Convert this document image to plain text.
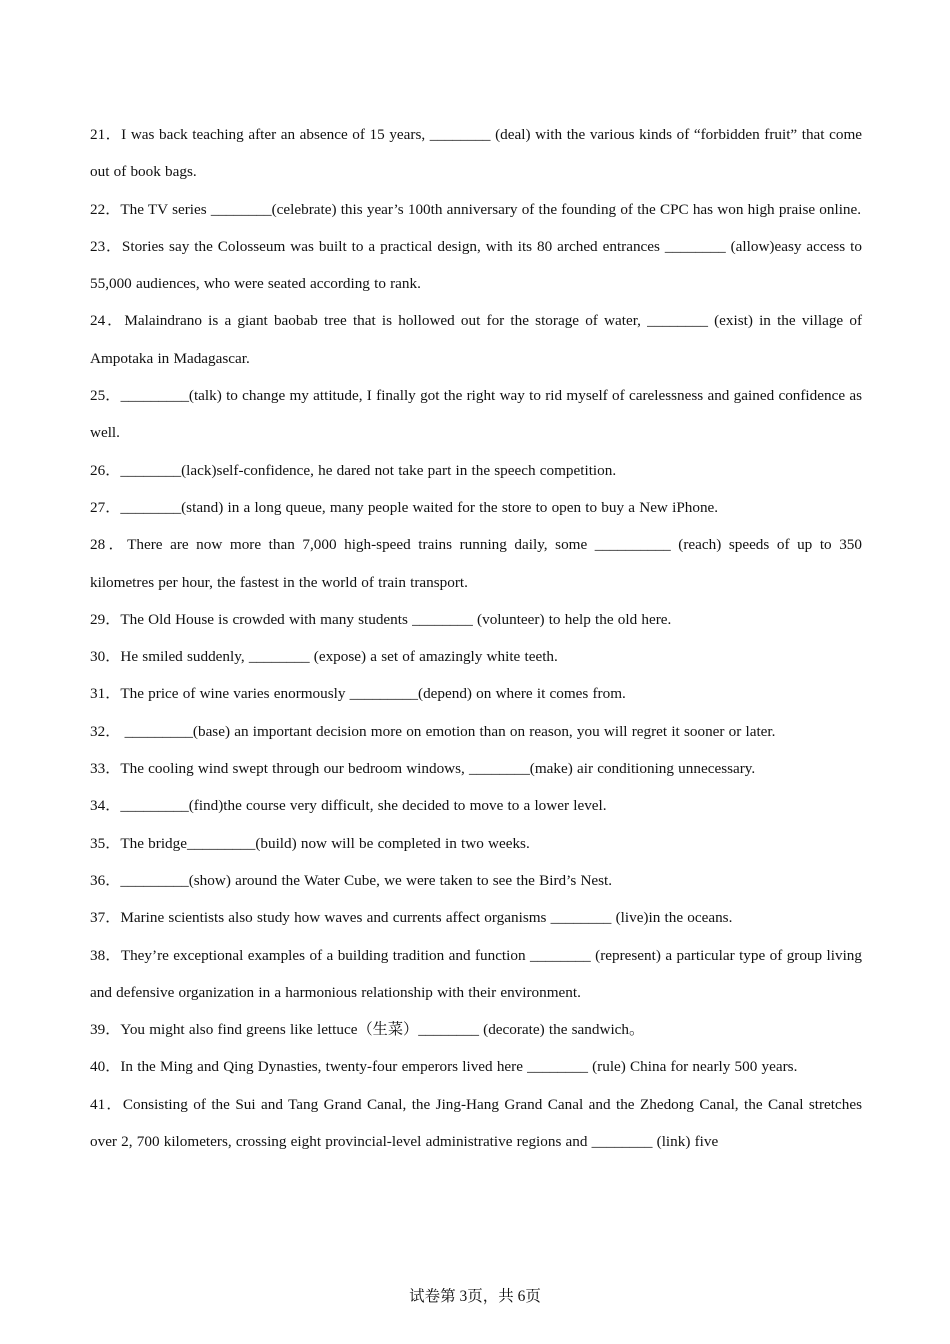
21．I was back teaching after an absence of 15 years, ________ (deal) with the various kinds of “forbidden fruit” that come out of book bags.
22．The TV series ________(celebrate) this year’s 100th anniversary of the founding of the CPC has won high praise online.
23．Stories say the Colosseum was built to a practical design, with its 80 arched entrances ________ (allow)easy access to 55,000 audiences, who were seated according to rank.
24．Malaindrano is a giant baobab tree that is hollowed out for the storage of water, ________ (exist) in the village of Ampotaka in Madagascar.
25．_________(talk) to change my attitude, I finally got the right way to rid myself of carelessness and gained confidence as well.
26．________(lack)self-confidence, he dared not take part in the speech competition.
27．________(stand) in a long queue, many people waited for the store to open to buy a New iPhone.
28．There are now more than 7,000 high-speed trains running daily, some __________ (reach) speeds of up to 350 kilometres per hour, the fastest in the world of train transport.
29．The Old House is crowded with many students ________ (volunteer) to help the old here.
30．He smiled suddenly, ________ (expose) a set of amazingly white teeth.
31．The price of wine varies enormously _________(depend) on where it comes from.
32． _________(base) an important decision more on emotion than on reason, you will regret it sooner or later.
33．The cooling wind swept through our bedroom windows, ________(make) air conditioning unnecessary.
34．_________(find)the course very difficult, she decided to move to a lower level.
35．The bridge_________(build) now will be completed in two weeks.
36．_________(show) around the Water Cube, we were taken to see the Bird’s Nest.
37．Marine scientists also study how waves and currents affect organisms ________ (live)in the oceans.
38．They’re exceptional examples of a building tradition and function ________ (represent) a particular type of group living and defensive organization in a harmonious relationship with their environment.
39．You might also find greens like lettuce（生菜）________ (decorate) the sandwich。
40．In the Ming and Qing Dynasties, twenty-four emperors lived here ________ (rule) China for nearly 500 years.
41．Consisting of the Sui and Tang Grand Canal, the Jing-Hang Grand Canal and the Zhedong Canal, the Canal stretches over 2, 700 kilometers, crossing eight provincial-level administrative regions and ________ (link) five
试卷第 3页，共 6页
